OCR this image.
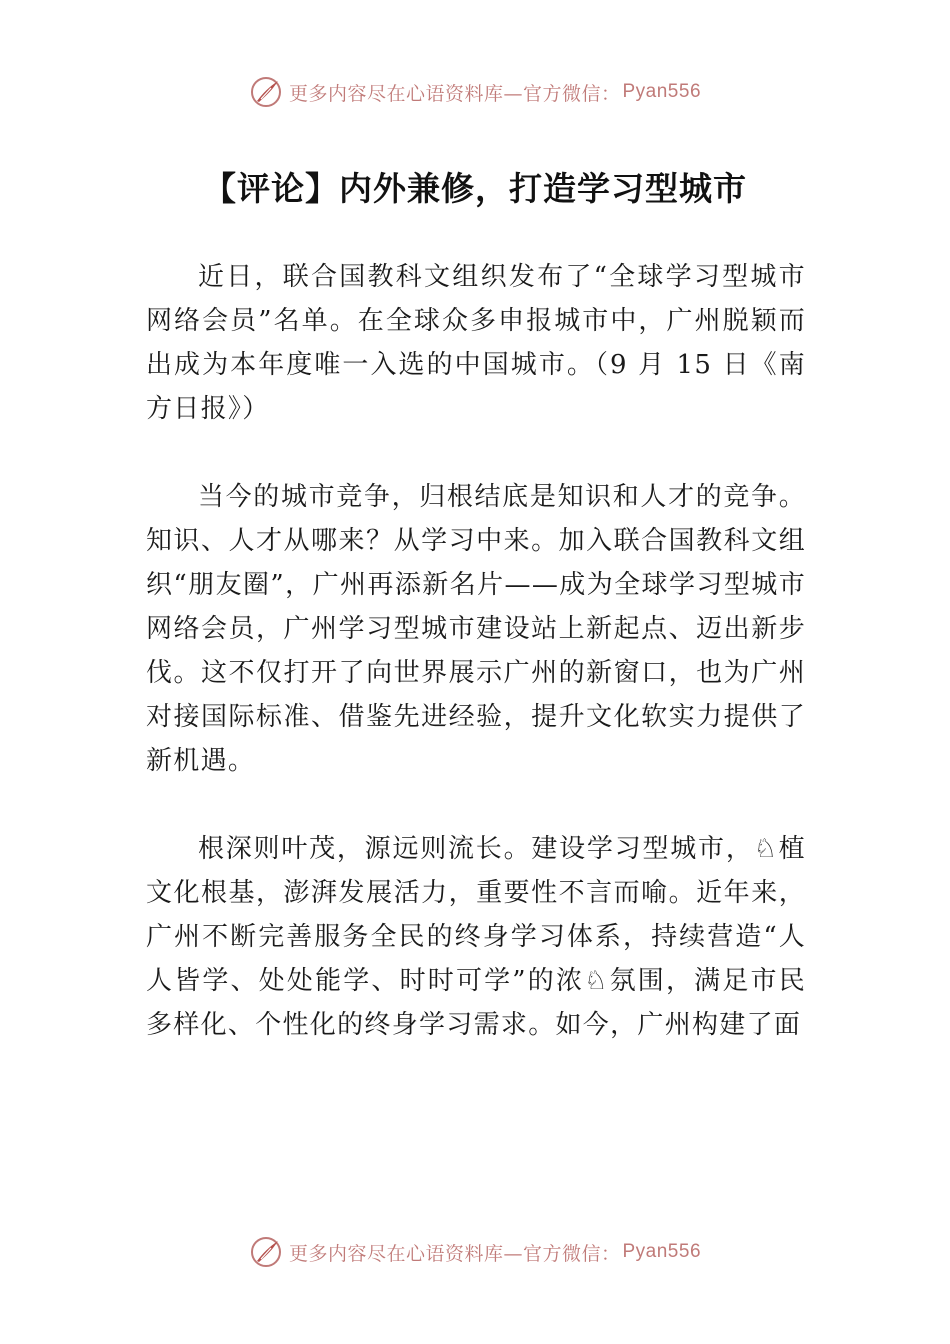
更多内容尽在心语资料库—官方微信： Pyan556
【评论】内外兼修，打造学习型城市

近日，联合国教科文组织发布了“全球学习型城市网络会员”名单。在全球众多申报城市中，广州脱颖而出成为本年度唯一入选的中国城市。（9 月 15 日《南方日报》）

当今的城市竞争，归根结底是知识和人才的竞争。知识、人才从哪来？从学习中来。加入联合国教科文组织“朋友圈”，广州再添新名片——成为全球学习型城市网络会员，广州学习型城市建设站上新起点、迈出新步伐。这不仅打开了向世界展示广州的新窗口，也为广州对接国际标准、借鉴先进经验，提升文化软实力提供了新机遇。

根深则叶茂，源远则流长。建设学习型城市，♘植文化根基，澎湃发展活力，重要性不言而喻。近年来，广州不断完善服务全民的终身学习体系，持续营造“人人皆学、处处能学、时时可学”的浓♘氛围，满足市民多样化、个性化的终身学习需求。如今，广州构建了面

更多内容尽在心语资料库—官方微信： Pyan556
